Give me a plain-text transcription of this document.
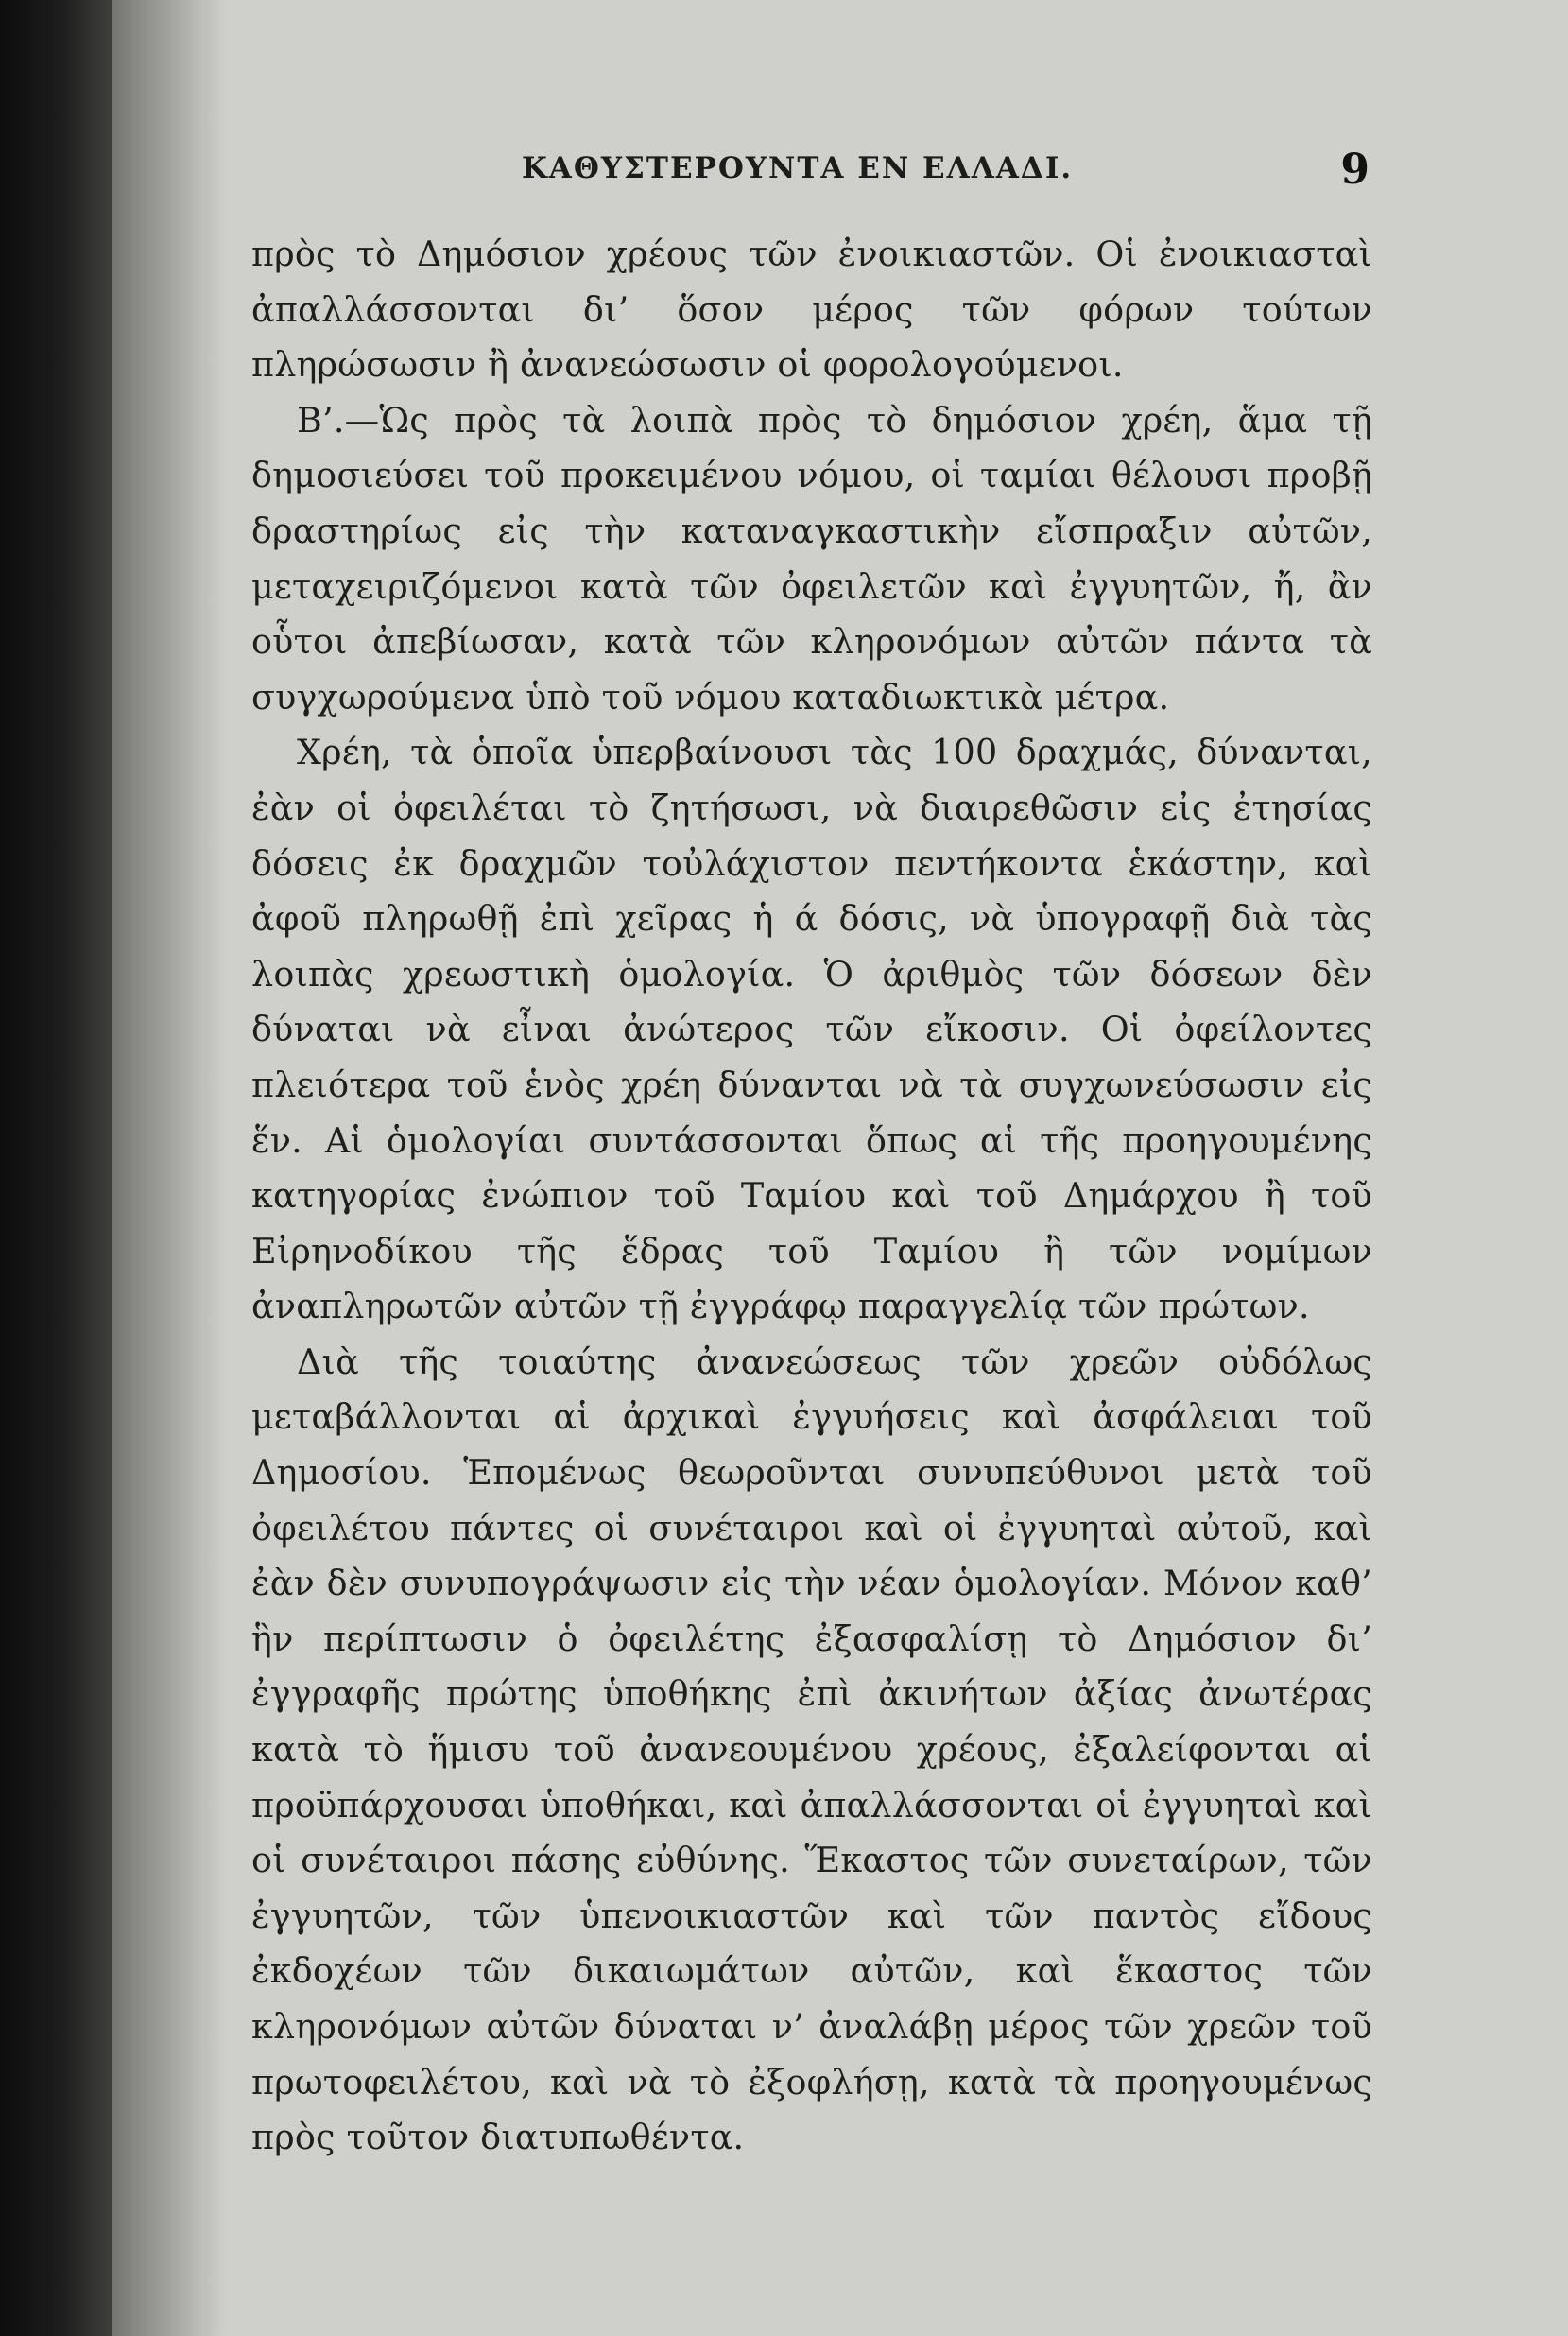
ΚΑΘΥΣΤΕΡΟΥΝΤΑ ΕΝ ΕΛΛΑΔΙ.	9

πρὸς τὸ Δημόσιον χρέους τῶν ἐνοικιαστῶν. Οἱ ἐνοικιασταὶ ἀπαλλάσσονται δι’ ὅσον μέρος τῶν φόρων τούτων πληρώσωσιν ἢ ἀνανεώσωσιν οἱ φορολογούμενοι.

Β’.—Ὡς πρὸς τὰ λοιπὰ πρὸς τὸ δημόσιον χρέη, ἅμα τῇ δημοσιεύσει τοῦ προκειμένου νόμου, οἱ ταμίαι θέλουσι προβῇ δραστηρίως εἰς τὴν καταναγκαστικὴν εἴσπραξιν αὐτῶν, μεταχειριζόμενοι κατὰ τῶν ὀφειλετῶν καὶ ἐγγυητῶν, ἤ, ἂν οὗτοι ἀπεβίωσαν, κατὰ τῶν κληρονόμων αὐτῶν πάντα τὰ συγχωρούμενα ὑπὸ τοῦ νόμου καταδιωκτικὰ μέτρα.

Χρέη, τὰ ὁποῖα ὑπερβαίνουσι τὰς 100 δραχμάς, δύνανται, ἐὰν οἱ ὀφειλέται τὸ ζητήσωσι, νὰ διαιρεθῶσιν εἰς ἐτησίας δόσεις ἐκ δραχμῶν τοὐλάχιστον πεντήκοντα ἑκάστην, καὶ ἀφοῦ πληρωθῇ ἐπὶ χεῖρας ἡ ά δόσις, νὰ ὑπογραφῇ διὰ τὰς λοιπὰς χρεωστικὴ ὁμολογία. Ὁ ἀριθμὸς τῶν δόσεων δὲν δύναται νὰ εἶναι ἀνώτερος τῶν εἴκοσιν. Οἱ ὀφείλοντες πλειότερα τοῦ ἑνὸς χρέη δύνανται νὰ τὰ συγχωνεύσωσιν εἰς ἕν. Αἱ ὁμολογίαι συντάσσονται ὅπως αἱ τῆς προηγουμένης κατηγορίας ἐνώπιον τοῦ Ταμίου καὶ τοῦ Δημάρχου ἢ τοῦ Εἰρηνοδίκου τῆς ἕδρας τοῦ Ταμίου ἢ τῶν νομίμων ἀναπληρωτῶν αὐτῶν τῇ ἐγγράφῳ παραγγελίᾳ τῶν πρώτων.

Διὰ τῆς τοιαύτης ἀνανεώσεως τῶν χρεῶν οὐδόλως μεταβάλλονται αἱ ἀρχικαὶ ἐγγυήσεις καὶ ἀσφάλειαι τοῦ Δημοσίου. Ἑπομένως θεωροῦνται συνυπεύθυνοι μετὰ τοῦ ὀφειλέτου πάντες οἱ συνέταιροι καὶ οἱ ἐγγυηταὶ αὐτοῦ, καὶ ἐὰν δὲν συνυπογράψωσιν εἰς τὴν νέαν ὁμολογίαν. Μόνον καθ’ ἣν περίπτωσιν ὁ ὀφειλέτης ἐξασφαλίσῃ τὸ Δημόσιον δι’ ἐγγραφῆς πρώτης ὑποθήκης ἐπὶ ἀκινήτων ἀξίας ἀνωτέρας κατὰ τὸ ἥμισυ τοῦ ἀνανεουμένου χρέους, ἐξαλείφονται αἱ προϋπάρχουσαι ὑποθήκαι, καὶ ἀπαλλάσσονται οἱ ἐγγυηταὶ καὶ οἱ συνέταιροι πάσης εὐθύνης. Ἕκαστος τῶν συνεταίρων, τῶν ἐγγυητῶν, τῶν ὑπενοικιαστῶν καὶ τῶν παντὸς εἴδους ἐκδοχέων τῶν δικαιωμάτων αὐτῶν, καὶ ἕκαστος τῶν κληρονόμων αὐτῶν δύναται ν’ ἀναλάβῃ μέρος τῶν χρεῶν τοῦ πρωτοφειλέτου, καὶ νὰ τὸ ἐξοφλήσῃ, κατὰ τὰ προηγουμένως πρὸς τοῦτον διατυπωθέντα.
